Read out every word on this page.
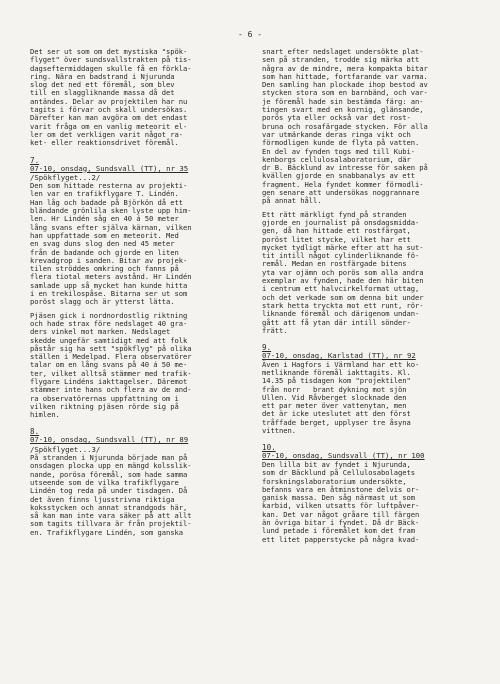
- 6 -

Det ser ut som om det mystiska "spök-
flyget" över sundsvallstrakten på tis-
dagseftermiddagen skulle få en förkla-
ring. Nära en badstrand i Njurunda
slog det ned ett föremål, som blev
till en slaggliknande massa då det
antändes. Delar av projektilen har nu
tagits i förvar och skall undersökas.
Därefter kan man avgöra om det endast
varit fråga om en vanlig meteorit el-
ler om det verkligen varit något ra-
ket- eller reaktionsdrivet föremål.

7.
07-10, onsdag, Sundsvall (TT), nr 35
/Spökflyget...2/

Den som hittade resterna av projekti-
len var en trafikflygare T. Lindén.
Han låg och badade på Björkön då ett
bländande grönlila sken lyste upp him-
len. Hr Lindén såg en 40 á 50 meter
lång svans efter själva kärnan, vilken
han uppfattade som en meteorit. Med
en svag duns slog den ned 45 meter
från de badande och gjorde en liten
krevadgrop i sanden. Bitar av projek-
tilen ströddes omkring och fanns på
flera tiotal meters avstånd. Hr Lindén
samlade upp så mycket han kunde hitta
i en trekilospåse. Bitarna ser ut som
poröst slagg och är ytterst lätta.

Pjäsen gick i nordnordostlig riktning
och hade strax före nedslaget 40 gra-
ders vinkel mot marken. Nedslaget
skedde ungefär samtidigt med att folk
påstår sig ha sett "spökflyg" på olika
ställen i Medelpad. Flera observatörer
talar om en lång svans på 40 á 50 me-
ter, vilket alltså stämmer med trafik-
flygare Lindéns iakttagelser. Däremot
stämmer inte hans och flera av de and-
ra observatörernas uppfattning om i
vilken riktning pjäsen rörde sig på
himlen.

8.
07-10, onsdag, Sundsvall (TT), nr 89
/Spökflyget...3/

På stranden i Njurunda började man på
onsdagen plocka upp en mängd kolsslik-
nande, porösa föremål, som hade samma
utseende som de vilka trafikflygare
Lindén tog reda på under tisdagen. Då
det även finns ljusstrivna riktiga
koksstycken och annat strandgods här,
så kan man inte vara säker på att allt
som tagits tillvara är från projektil-
en. Trafikflygare Lindén, som ganska

snart efter nedslaget undersökte plat-
sen på stranden, trodde sig märka att
några av de mindre, mera kompakta bitar
som han hittade, fortfarande var varma.
Den samling han plockade ihop bestod av
stycken stora som en barnbänd, och var-
je föremål hade sin bestämda färg: an-
tingen svart med en kornig, glänsande,
porös yta eller också var det rost-
bruna och rosafärgade stycken. För alla
var utmärkande deras ringa vikt och
förmodligen kunde de flyta på vatten.
En del av fynden togs med till Kubi-
kenborgs cellulosalaboratorium, där
dr B. Bäcklund av intresse för saken på
kvällen gjorde en snabbanalys av ett
fragment. Hela fyndet kommer förmodli-
gen senare att undersökas noggrannare
på annat håll.

Ett rätt märkligt fynd på stranden
gjorde en journalist på onsdagsmidda-
gen, då han hittade ett rostfärgat,
poröst litet stycke, vilket har ett
mycket tydligt märke efter att ha sut-
tit intill något cylinderliknande fö-
remål. Medan en rostfärgade bitens
yta var ojämn och porös som alla andra
exemplar av fynden, hade den här biten
i centrum ett halvcirkelformat uttag,
och det verkade som om denna bit under
stark hetta tryckta mot ett runt, rör-
liknande föremål och därigenom undan-
gått att få ytan där intill sönder-
frätt.

9.
07-10, onsdag, Karlstad (TT), nr 92

Även i Hagfors i Värmland har ett ko-
metliknande föremål iakttagits. Kl.
14.35 på tisdagen kom "projektilen"
från norr   brant dykning mot sjön
Ullen. Vid Råvberget slocknade den
ett par meter över vattenytan, men
det är icke uteslutet att den först
tråffade berget, upplyser tre åsyna
vittnen.

10.
07-10, onsdag, Sundsvall (TT), nr 100

Den lilla bit av fyndet i Njurunda,
som dr Bäcklund på Cellulosabolagets
forskningslaboratorium undersökte,
befanns vara en åtminstone delvis or-
ganisk massa. Den såg närmast ut som
karbid, vilken utsatts för luftpåver-
kan. Det var något gråare till färgen
än övriga bitar i fyndet. Då dr Bäck-
lund petade i föremålet kom det fram
ett litet papperstycke på några kvad-
